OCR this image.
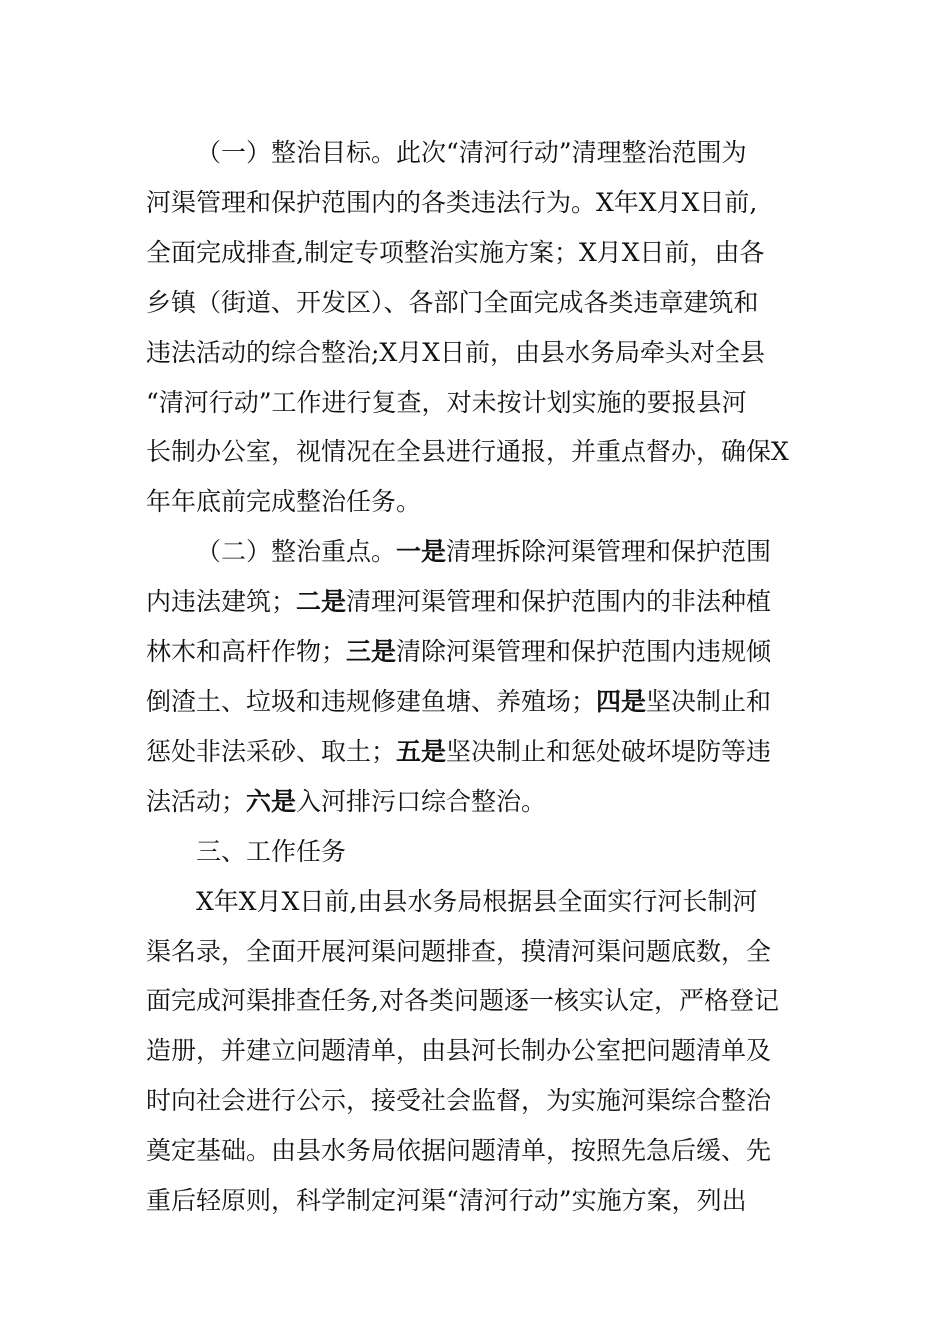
（一）整治目标。此次“清河行动”清理整治范围为
河渠管理和保护范围内的各类违法行为。X年X月X日前,
全面完成排查,制定专项整治实施方案；X月X日前，由各
乡镇（街道、开发区）、各部门全面完成各类违章建筑和
违法活动的综合整治;X月X日前，由县水务局牵头对全县
“清河行动”工作进行复查，对未按计划实施的要报县河
长制办公室，视情况在全县进行通报，并重点督办，确保X
年年底前完成整治任务。
（二）整治重点。一是清理拆除河渠管理和保护范围
内违法建筑；二是清理河渠管理和保护范围内的非法种植
林木和高杆作物；三是清除河渠管理和保护范围内违规倾
倒渣土、垃圾和违规修建鱼塘、养殖场；四是坚决制止和
惩处非法采砂、取土；五是坚决制止和惩处破坏堤防等违
法活动；六是入河排污口综合整治。
三、工作任务
X年X月X日前,由县水务局根据县全面实行河长制河
渠名录，全面开展河渠问题排查，摸清河渠问题底数，全
面完成河渠排查任务,对各类问题逐一核实认定，严格登记
造册，并建立问题清单，由县河长制办公室把问题清单及
时向社会进行公示，接受社会监督，为实施河渠综合整治
奠定基础。由县水务局依据问题清单，按照先急后缓、先
重后轻原则，科学制定河渠“清河行动”实施方案，列出
